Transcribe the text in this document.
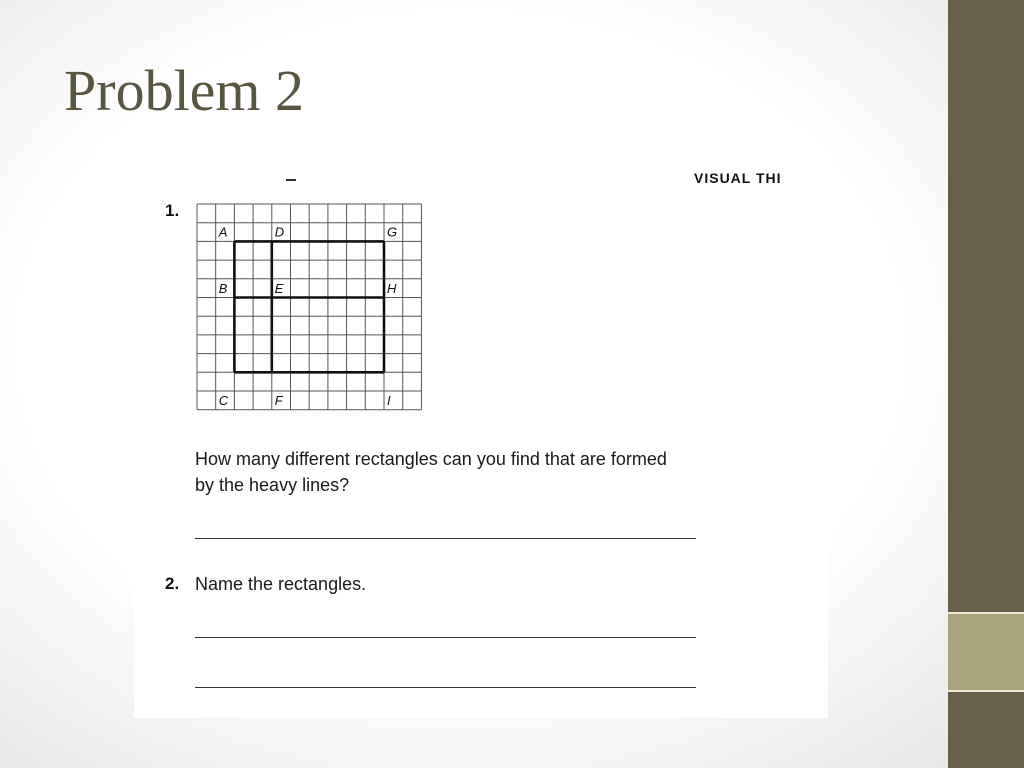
Problem 2
VISUAL THI
1.
A	D	G
B	E	H
C	F	I

How many different rectangles can you find that are formed

by the heavy lines?

2. Name the rectangles.
